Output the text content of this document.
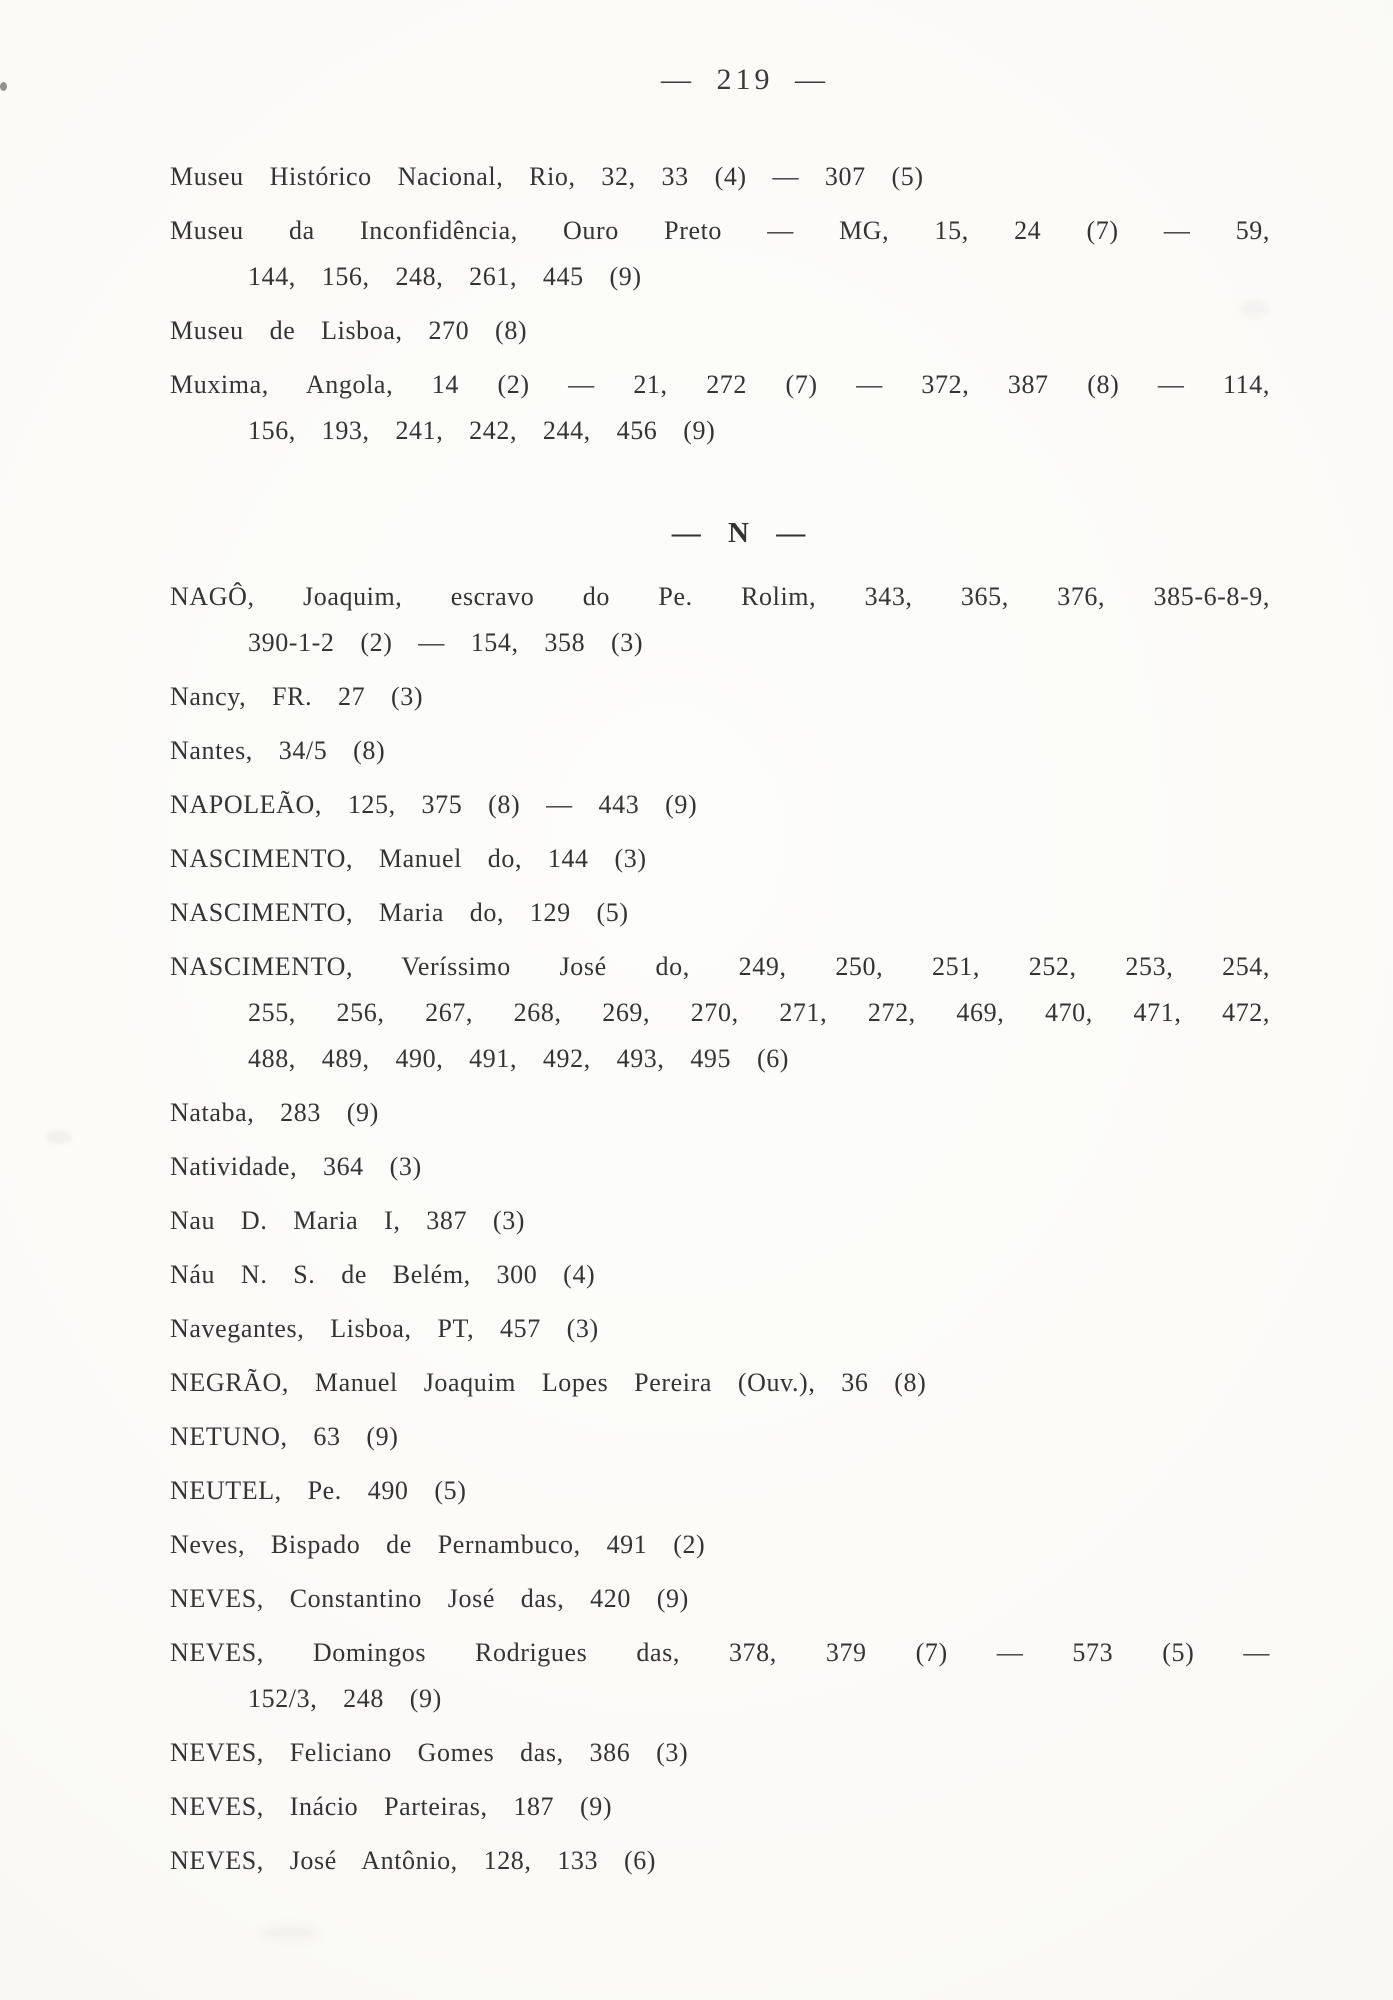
— 219 —
Museu Histórico Nacional, Rio, 32, 33 (4) — 307 (5)
Museu da Inconfidência, Ouro Preto — MG, 15, 24 (7) — 59,
144, 156, 248, 261, 445 (9)
Museu de Lisboa, 270 (8)
Muxima, Angola, 14 (2) — 21, 272 (7) — 372, 387 (8) — 114,
156, 193, 241, 242, 244, 456 (9)
— N —
NAGÔ, Joaquim, escravo do Pe. Rolim, 343, 365, 376, 385-6-8-9,
390-1-2 (2) — 154, 358 (3)
Nancy, FR. 27 (3)
Nantes, 34/5 (8)
NAPOLEÃO, 125, 375 (8) — 443 (9)
NASCIMENTO, Manuel do, 144 (3)
NASCIMENTO, Maria do, 129 (5)
NASCIMENTO, Veríssimo José do, 249, 250, 251, 252, 253, 254,
255, 256, 267, 268, 269, 270, 271, 272, 469, 470, 471, 472,
488, 489, 490, 491, 492, 493, 495 (6)
Nataba, 283 (9)
Natividade, 364 (3)
Nau D. Maria I, 387 (3)
Náu N. S. de Belém, 300 (4)
Navegantes, Lisboa, PT, 457 (3)
NEGRÃO, Manuel Joaquim Lopes Pereira (Ouv.), 36 (8)
NETUNO, 63 (9)
NEUTEL, Pe. 490 (5)
Neves, Bispado de Pernambuco, 491 (2)
NEVES, Constantino José das, 420 (9)
NEVES, Domingos Rodrigues das, 378, 379 (7) — 573 (5) —
152/3, 248 (9)
NEVES, Feliciano Gomes das, 386 (3)
NEVES, Inácio Parteiras, 187 (9)
NEVES, José Antônio, 128, 133 (6)
